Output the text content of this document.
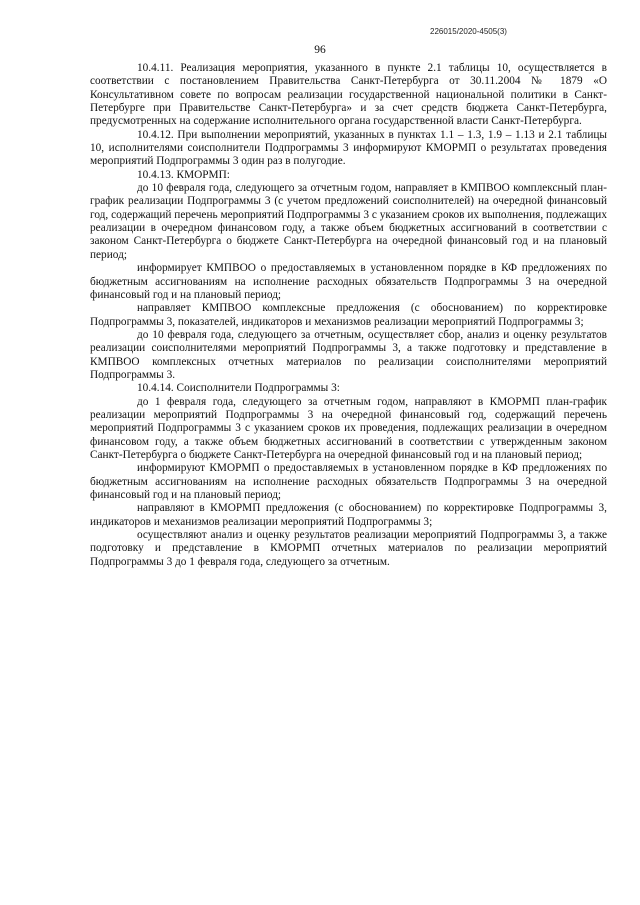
226015/2020-4505(3)
96

10.4.11. Реализация мероприятия, указанного в пункте 2.1 таблицы 10, осуществляется в соответствии с постановлением Правительства Санкт-Петербурга от 30.11.2004 № 1879 «О Консультативном совете по вопросам реализации государственной национальной политики в Санкт-Петербурге при Правительстве Санкт-Петербурга» и за счет средств бюджета Санкт-Петербурга, предусмотренных на содержание исполнительного органа государственной власти Санкт-Петербурга.

10.4.12. При выполнении мероприятий, указанных в пунктах 1.1 – 1.3, 1.9 – 1.13 и 2.1 таблицы 10, исполнителями соисполнители Подпрограммы 3 информируют КМОРМП о результатах проведения мероприятий Подпрограммы 3 один раз в полугодие.

10.4.13. КМОРМП:

до 10 февраля года, следующего за отчетным годом, направляет в КМПВОО комплексный план-график реализации Подпрограммы 3 (с учетом предложений соисполнителей) на очередной финансовый год, содержащий перечень мероприятий Подпрограммы 3 с указанием сроков их выполнения, подлежащих реализации в очередном финансовом году, а также объем бюджетных ассигнований в соответствии с законом Санкт-Петербурга о бюджете Санкт-Петербурга на очередной финансовый год и на плановый период;

информирует КМПВОО о предоставляемых в установленном порядке в КФ предложениях по бюджетным ассигнованиям на исполнение расходных обязательств Подпрограммы 3 на очередной финансовый год и на плановый период;

направляет КМПВОО комплексные предложения (с обоснованием) по корректировке Подпрограммы 3, показателей, индикаторов и механизмов реализации мероприятий Подпрограммы 3;

до 10 февраля года, следующего за отчетным, осуществляет сбор, анализ и оценку результатов реализации соисполнителями мероприятий Подпрограммы 3, а также подготовку и представление в КМПВОО комплексных отчетных материалов по реализации соисполнителями мероприятий Подпрограммы 3.

10.4.14. Соисполнители Подпрограммы 3:

до 1 февраля года, следующего за отчетным годом, направляют в КМОРМП план-график реализации мероприятий Подпрограммы 3 на очередной финансовый год, содержащий перечень мероприятий Подпрограммы 3 с указанием сроков их проведения, подлежащих реализации в очередном финансовом году, а также объем бюджетных ассигнований в соответствии с утвержденным законом Санкт-Петербурга о бюджете Санкт-Петербурга на очередной финансовый год и на плановый период;

информируют КМОРМП о предоставляемых в установленном порядке в КФ предложениях по бюджетным ассигнованиям на исполнение расходных обязательств Подпрограммы 3 на очередной финансовый год и на плановый период;

направляют в КМОРМП предложения (с обоснованием) по корректировке Подпрограммы 3, индикаторов и механизмов реализации мероприятий Подпрограммы 3;

осуществляют анализ и оценку результатов реализации мероприятий Подпрограммы 3, а также подготовку и представление в КМОРМП отчетных материалов по реализации мероприятий Подпрограммы 3 до 1 февраля года, следующего за отчетным.
